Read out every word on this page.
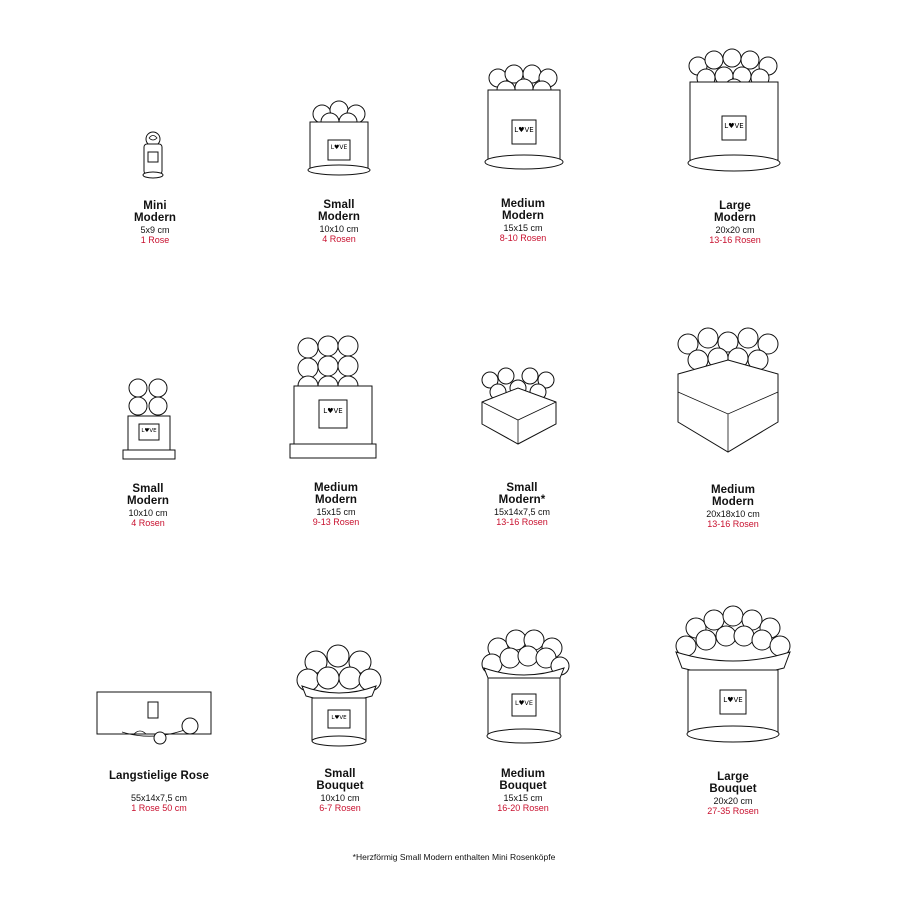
Mini
Modern
5x9 cm
1 Rose
L♥VE
Small
Modern
10x10 cm
4 Rosen
L♥VE
Medium
Modern
15x15 cm
8-10 Rosen
L♥VE
Large
Modern
20x20 cm
13-16 Rosen
L♥VE
Small
Modern
10x10 cm
4 Rosen
L♥VE
Medium
Modern
15x15 cm
9-13 Rosen
Small
Modern*
15x14x7,5 cm
13-16 Rosen
Medium
Modern
20x18x10 cm
13-16 Rosen
Langstielige Rose
55x14x7,5 cm
1 Rose 50 cm
L♥VE
Small
Bouquet
10x10 cm
6-7 Rosen
L♥VE
Medium
Bouquet
15x15 cm
16-20 Rosen
L♥VE
Large
Bouquet
20x20 cm
27-35 Rosen
*Herzförmig Small Modern enthalten Mini Rosenköpfe
